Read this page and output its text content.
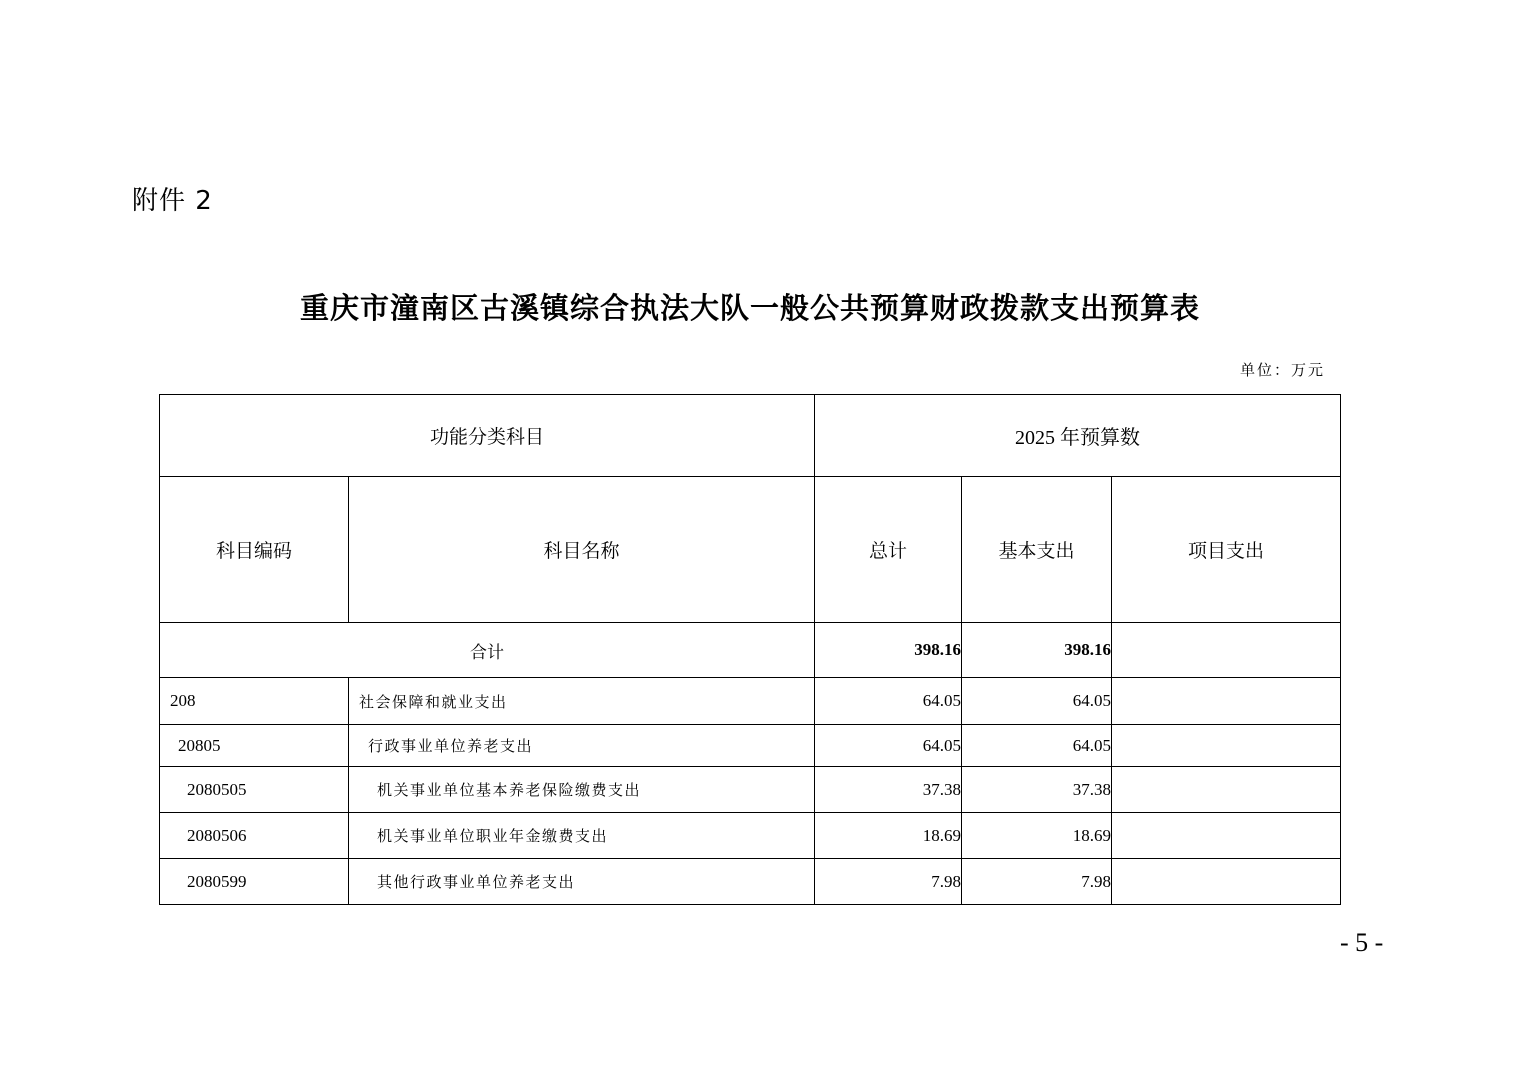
附件 2
重庆市潼南区古溪镇综合执法大队一般公共预算财政拨款支出预算表
单位：万元
功能分类科目		2025 年预算数		
科目编码	科目名称	总计	基本支出	项目支出
合计		398.16	398.16	
208	社会保障和就业支出	64.05	64.05	
20805	行政事业单位养老支出	64.05	64.05	
2080505	机关事业单位基本养老保险缴费支出	37.38	37.38	
2080506	机关事业单位职业年金缴费支出	18.69	18.69	
2080599	其他行政事业单位养老支出	7.98	7.98	
- 5 -
